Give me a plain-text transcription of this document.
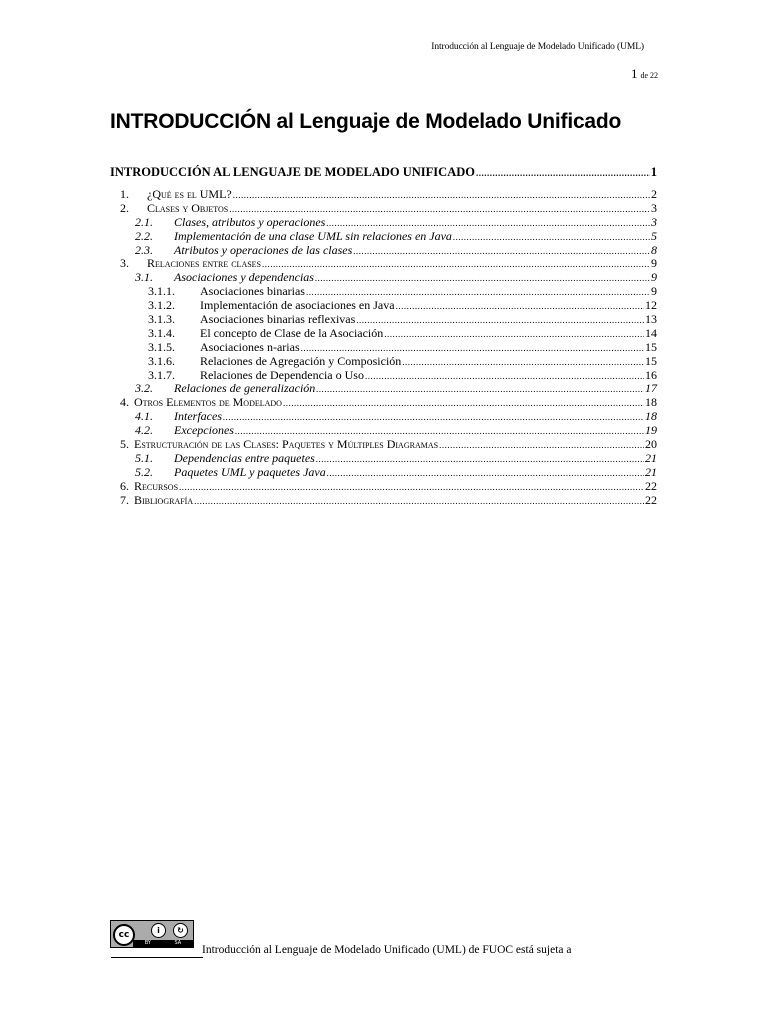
Introducción al Lenguaje de Modelado Unificado (UML)
1 de 22
INTRODUCCIÓN al Lenguaje de Modelado Unificado
INTRODUCCIÓN AL LENGUAJE DE MODELADO UNIFICADO .....	1
1.	¿Qué es el UML? .....	2
2.	Clases y Objetos .....	3
2.1.	Clases, atributos y operaciones .....	3
2.2.	Implementación de una clase UML sin relaciones en Java .....	5
2.3.	Atributos y operaciones de las clases .....	8
3.	Relaciones entre clases .....	9
3.1.	Asociaciones y dependencias .....	9
3.1.1.	Asociaciones binarias .....	9
3.1.2.	Implementación de asociaciones en Java .....	12
3.1.3.	Asociaciones binarias reflexivas .....	13
3.1.4.	El concepto de Clase de la Asociación .....	14
3.1.5.	Asociaciones n-arias .....	15
3.1.6.	Relaciones de Agregación y Composición .....	15
3.1.7.	Relaciones de Dependencia o Uso .....	16
3.2.	Relaciones de generalización .....	17
4. Otros Elementos de Modelado .....	18
4.1.	Interfaces .....	18
4.2.	Excepciones .....	19
5. Estructuración de las Clases: Paquetes y Múltiples Diagramas .....	20
5.1.	Dependencias entre paquetes .....	21
5.2.	Paquetes UML y paquetes Java .....	21
6. Recursos .....	22
7. Bibliografía .....	22
cc	i	↻
BY	SA
Introducción al Lenguaje de Modelado Unificado (UML) de FUOC está sujeta a
